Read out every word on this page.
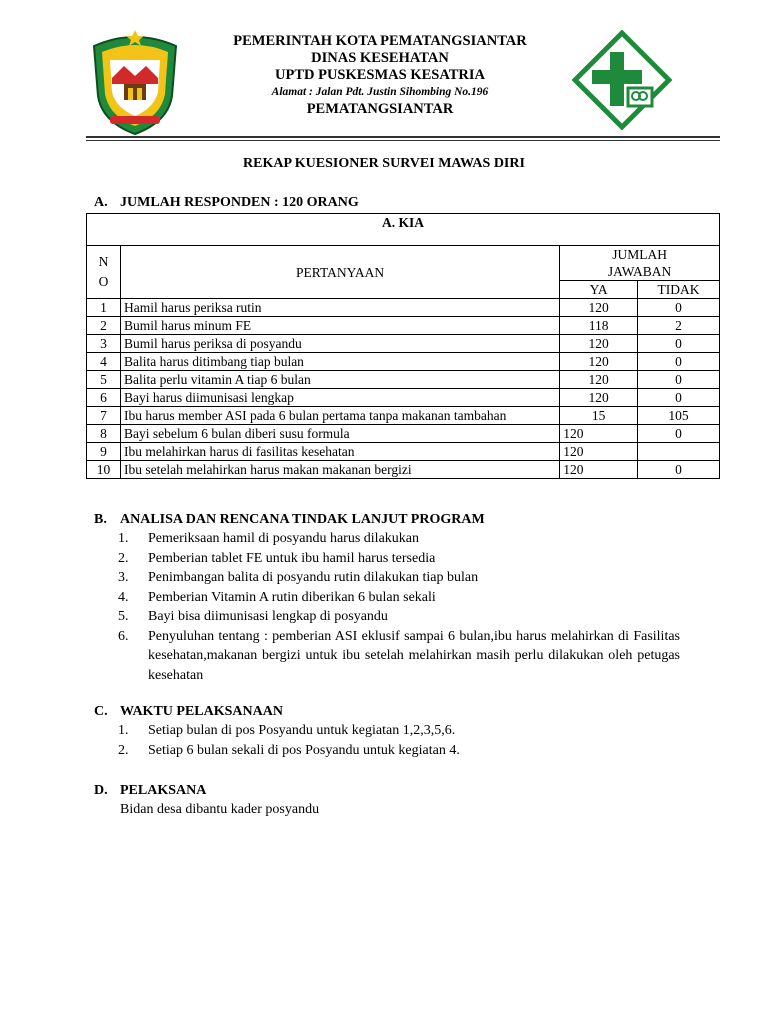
PEMERINTAH KOTA PEMATANGSIANTAR
DINAS KESEHATAN
UPTD PUSKESMAS KESATRIA
Alamat : Jalan Pdt. Justin Sihombing No.196
PEMATANGSIANTAR
REKAP KUESIONER SURVEI MAWAS DIRI
A. JUMLAH RESPONDEN : 120 ORANG
A. KIA			
N
O	PERTANYAAN	JUMLAH
JAWABAN	
		YA	TIDAK
1	Hamil harus periksa rutin	120	0
2	Bumil harus minum FE	118	2
3	Bumil harus periksa di posyandu	120	0
4	Balita harus ditimbang tiap bulan	120	0
5	Balita perlu vitamin A tiap 6 bulan	120	0
6	Bayi harus diimunisasi lengkap	120	0
7	Ibu harus member ASI pada 6 bulan pertama tanpa makanan tambahan	15	105
8	Bayi sebelum 6 bulan diberi susu formula	120	0
9	Ibu melahirkan harus di fasilitas kesehatan	120	
10	Ibu setelah melahirkan harus makan makanan bergizi	120	0
B. ANALISA DAN RENCANA TINDAK LANJUT PROGRAM
1. Pemeriksaan hamil di posyandu harus dilakukan
2. Pemberian tablet FE untuk ibu hamil harus tersedia
3. Penimbangan balita di posyandu rutin dilakukan tiap bulan
4. Pemberian Vitamin A rutin diberikan 6 bulan sekali
5. Bayi bisa diimunisasi lengkap di posyandu
6. Penyuluhan tentang : pemberian ASI eklusif sampai 6 bulan,ibu harus melahirkan di Fasilitas kesehatan,makanan bergizi untuk ibu setelah melahirkan masih perlu dilakukan oleh petugas kesehatan
C. WAKTU PELAKSANAAN
1. Setiap bulan di pos Posyandu untuk kegiatan 1,2,3,5,6.
2. Setiap 6 bulan sekali di pos Posyandu untuk kegiatan 4.
D. PELAKSANA
Bidan desa dibantu kader posyandu
